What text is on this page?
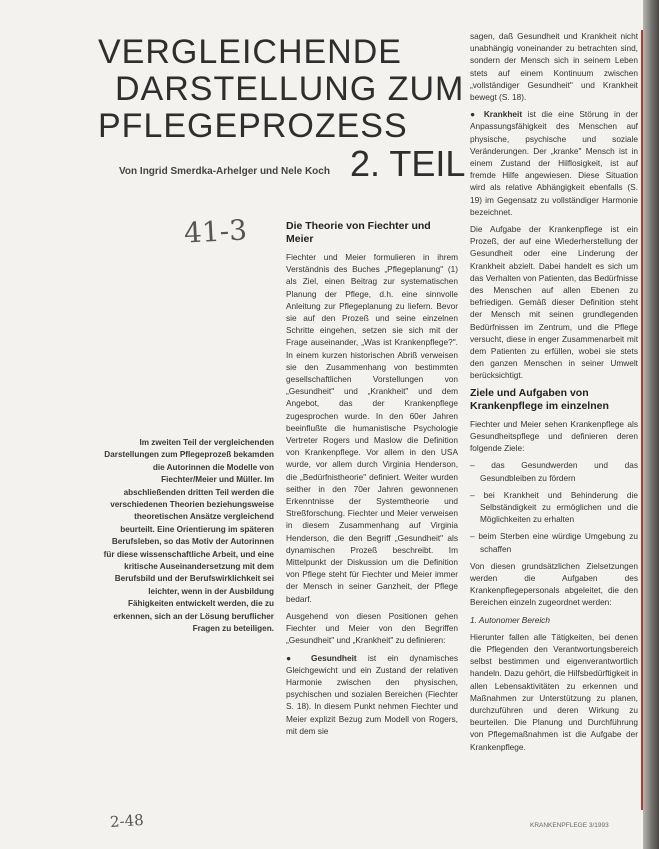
VERGLEICHENDE
DARSTELLUNG ZUM
PFLEGEPROZESS
Von Ingrid Smerdka-Arhelger und Nele Koch 2. TEIL
41-3
2-48

Im zweiten Teil der vergleichenden Darstellungen zum Pflegeprozeß bekamden die Autorinnen die Modelle von Fiechter/Meier und Müller. Im abschließenden dritten Teil werden die verschiedenen Theorien beziehungsweise theoretischen Ansätze vergleichend beurteilt. Eine Orientierung im späteren Berufsleben, so das Motiv der Autorinnen für diese wissenschaftliche Arbeit, und eine kritische Auseinandersetzung mit dem Berufsbild und der Berufswirklichkeit sei leichter, wenn in der Ausbildung Fähigkeiten entwickelt werden, die zu erkennen, sich an der Lösung beruflicher Fragen zu beteiligen.

Die Theorie von Fiechter und Meier

Fiechter und Meier formulieren in ihrem Verständnis des Buches „Pflegeplanung" (1) als Ziel, einen Beitrag zur systematischen Planung der Pflege, d.h. eine sinnvolle Anleitung zur Pflegeplanung zu liefern. Bevor sie auf den Prozeß und seine einzelnen Schritte eingehen, setzen sie sich mit der Frage auseinander, „Was ist Krankenpflege?". In einem kurzen historischen Abriß verweisen sie den Zusammenhang von bestimmten gesellschaftlichen Vorstellungen von „Gesundheit" und „Krankheit" und dem Angebot, das der Krankenpflege zugesprochen wurde. In den 60er Jahren beeinflußte die humanistische Psychologie Vertreter Rogers und Maslow die Definition von Krankenpflege. Vor allem in den USA wurde, vor allem durch Virginia Henderson, die „Bedürfnistheorie" definiert. Weiter wurden seither in den 70er Jahren gewonnenen Erkenntnisse der Systemtheorie und Streßforschung. Fiechter und Meier verweisen in diesem Zusammenhang auf Virginia Henderson, die den Begriff „Gesundheit" als dynamischen Prozeß beschreibt. Im Mittelpunkt der Diskussion um die Definition von Pflege steht für Fiechter und Meier immer der Mensch in seiner Ganzheit, der Pflege bedarf.

Ausgehend von diesen Positionen gehen Fiechter und Meier von den Begriffen „Gesundheit" und „Krankheit" zu definieren:

● Gesundheit ist ein dynamisches Gleichgewicht und ein Zustand der relativen Harmonie zwischen den physischen, psychischen und sozialen Bereichen (Fiechter S. 18). In diesem Punkt nehmen Fiechter und Meier explizit Bezug zum Modell von Rogers, mit dem sie

sagen, daß Gesundheit und Krankheit nicht unabhängig voneinander zu betrachten sind, sondern der Mensch sich in seinem Leben stets auf einem Kontinuum zwischen „vollständiger Gesundheit" und Krankheit bewegt (S. 18).

● Krankheit ist die eine Störung in der Anpassungsfähigkeit des Menschen auf physische, psychische und soziale Veränderungen. Der „kranke" Mensch ist in einem Zustand der Hilflosigkeit, ist auf fremde Hilfe angewiesen. Diese Situation wird als relative Abhängigkeit ebenfalls (S. 19) im Gegensatz zu vollständiger Harmonie bezeichnet.

Die Aufgabe der Krankenpflege ist ein Prozeß, der auf eine Wiederherstellung der Gesundheit oder eine Linderung der Krankheit abzielt. Dabei handelt es sich um das Verhalten von Patienten, das Bedürfnisse des Menschen auf allen Ebenen zu befriedigen. Gemäß dieser Definition steht der Mensch mit seinen grundlegenden Bedürfnissen im Zentrum, und die Pflege versucht, diese in enger Zusammenarbeit mit dem Patienten zu erfüllen, wobei sie stets den ganzen Menschen in seiner Umwelt berücksichtigt.

Ziele und Aufgaben von Krankenpflege im einzelnen

Fiechter und Meier sehen Krankenpflege als Gesundheitspflege und definieren deren folgende Ziele:

– das Gesundwerden und das Gesundbleiben zu fördern

– bei Krankheit und Behinderung die Selbständigkeit zu ermöglichen und die Möglichkeiten zu erhalten

– beim Sterben eine würdige Umgebung zu schaffen

Von diesen grundsätzlichen Zielsetzungen werden die Aufgaben des Krankenpflegepersonals abgeleitet, die den Bereichen einzeln zugeordnet werden:

1. Autonomer Bereich

Hierunter fallen alle Tätigkeiten, bei denen die Pflegenden den Verantwortungsbereich selbst bestimmen und eigenverantwortlich handeln. Dazu gehört, die Hilfsbedürftigkeit in allen Lebensaktivitäten zu erkennen und Maßnahmen zur Unterstützung zu planen, durchzuführen und deren Wirkung zu beurteilen. Die Planung und Durchführung von Pflegemaßnahmen ist die Aufgabe der Krankenpflege.

KRANKENPFLEGE 3/1993
